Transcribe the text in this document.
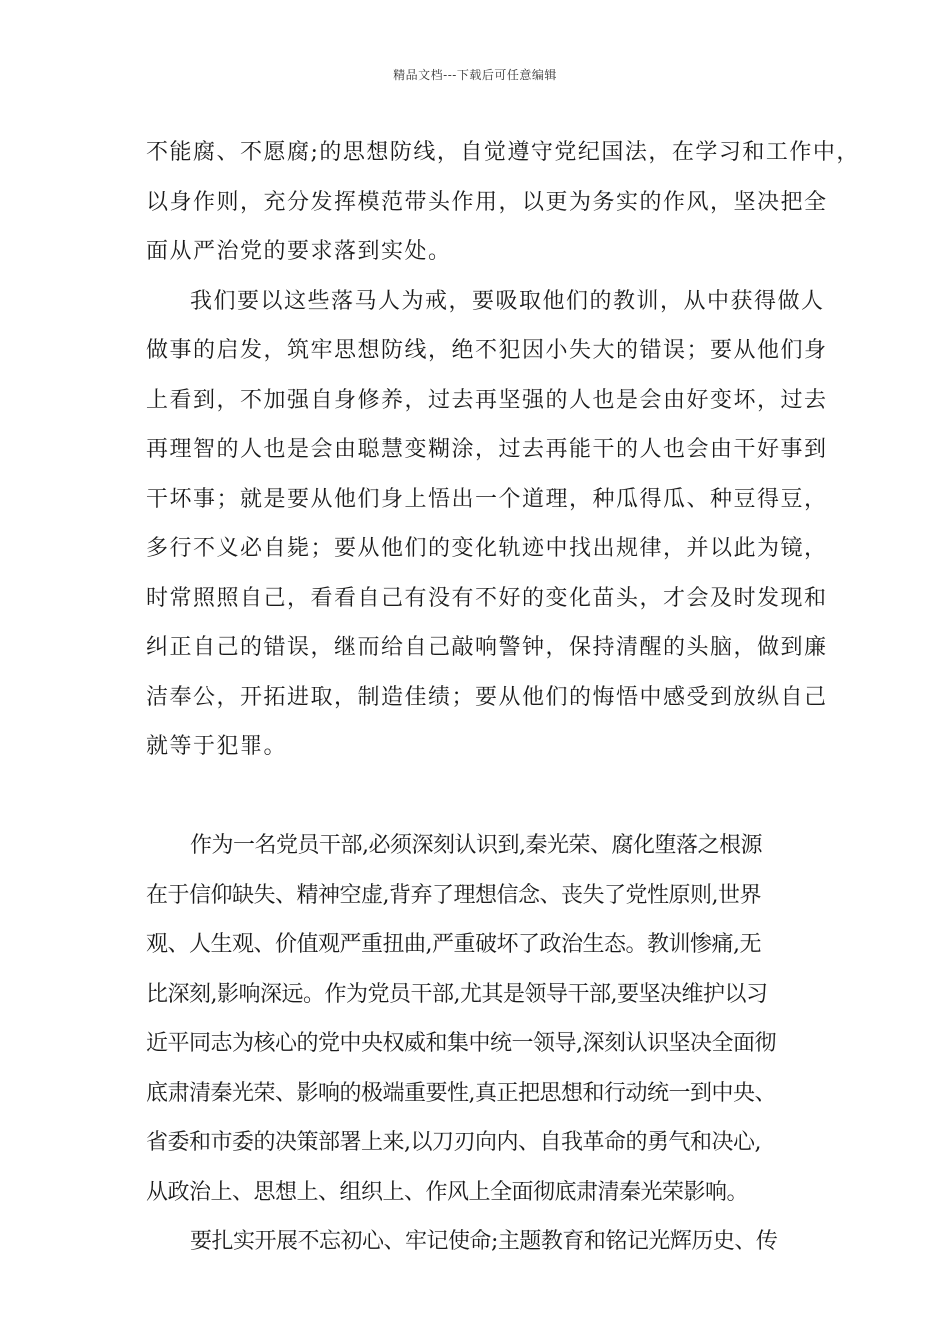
精品文档---下载后可任意编辑
不能腐、不愿腐;的思想防线，自觉遵守党纪国法，在学习和工作中，
以身作则，充分发挥模范带头作用，以更为务实的作风，坚决把全
面从严治党的要求落到实处。
我们要以这些落马人为戒，要吸取他们的教训，从中获得做人
做事的启发，筑牢思想防线，绝不犯因小失大的错误；要从他们身
上看到，不加强自身修养，过去再坚强的人也是会由好变坏，过去
再理智的人也是会由聪慧变糊涂，过去再能干的人也会由干好事到
干坏事；就是要从他们身上悟出一个道理，种瓜得瓜、种豆得豆，
多行不义必自毙；要从他们的变化轨迹中找出规律，并以此为镜，
时常照照自己，看看自己有没有不好的变化苗头，才会及时发现和
纠正自己的错误，继而给自己敲响警钟，保持清醒的头脑，做到廉
洁奉公，开拓进取，制造佳绩；要从他们的悔悟中感受到放纵自己
就等于犯罪。
作为一名党员干部,必须深刻认识到,秦光荣、腐化堕落之根源
在于信仰缺失、精神空虚,背弃了理想信念、丧失了党性原则,世界
观、人生观、价值观严重扭曲,严重破坏了政治生态。教训惨痛,无
比深刻,影响深远。作为党员干部,尤其是领导干部,要坚决维护以习
近平同志为核心的党中央权威和集中统一领导,深刻认识坚决全面彻
底肃清秦光荣、影响的极端重要性,真正把思想和行动统一到中央、
省委和市委的决策部署上来,以刀刃向内、自我革命的勇气和决心,
从政治上、思想上、组织上、作风上全面彻底肃清秦光荣影响。
要扎实开展不忘初心、牢记使命;主题教育和铭记光辉历史、传
